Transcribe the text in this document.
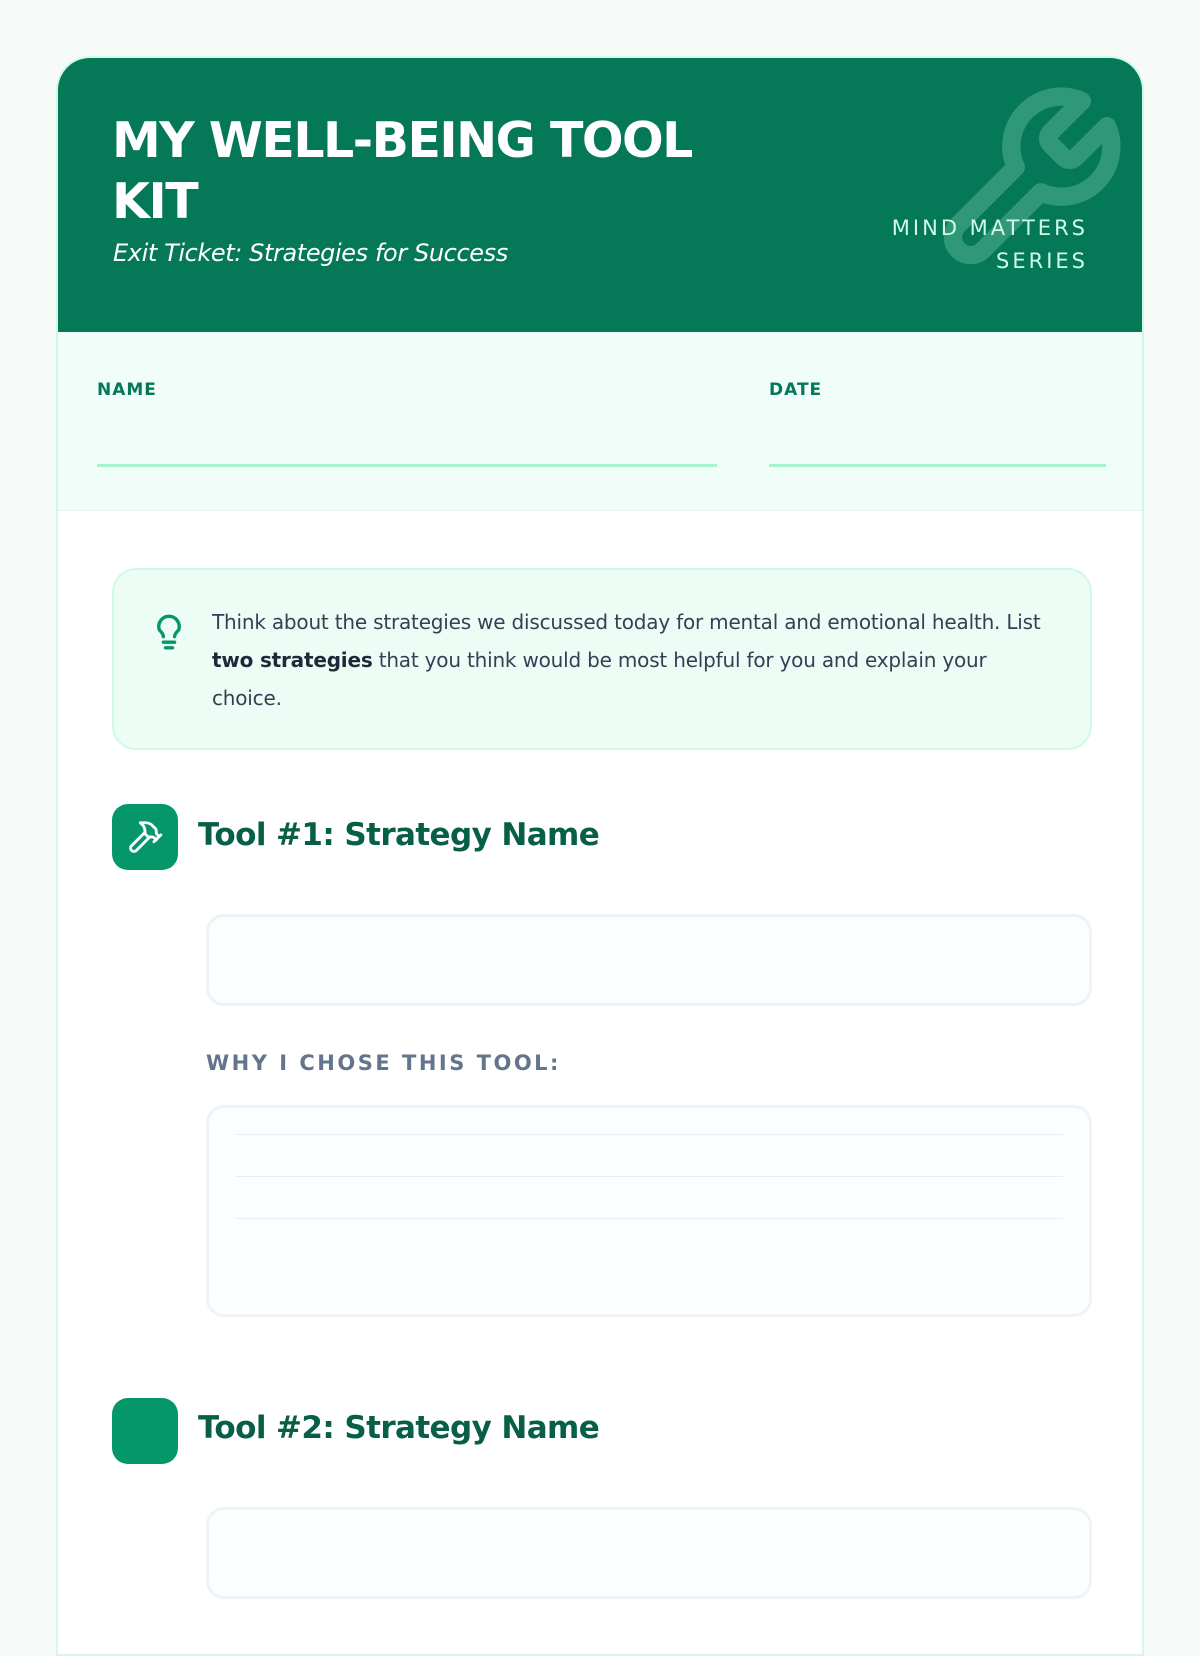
MY WELL-BEING TOOL KIT

Exit Ticket: Strategies for Success

MIND MATTERS
SERIES
NAME	DATE
Think about the strategies we discussed today for mental and emotional health. List two strategies that you think would be most helpful for you and explain your choice.
Tool #1: Strategy Name
WHY I CHOSE THIS TOOL:
Tool #2: Strategy Name
